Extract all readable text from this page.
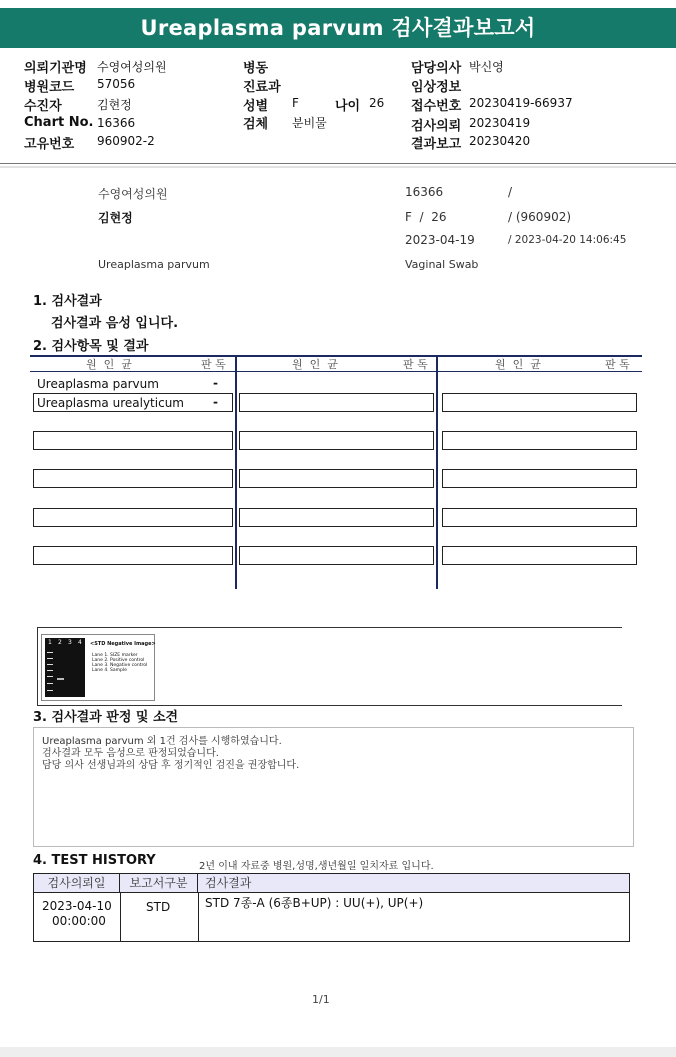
Ureaplasma parvum 검사결과보고서
의뢰기관명 수영여성의원
병원코드 57056
수진자	김현정
Chart No. 16366
고유번호 960902-2
병동
진료과
성별 F	나이 26
검체 분비물
담당의사 박신영
임상정보
접수번호 20230419-66937
검사의뢰 20230419
결과보고 20230420
수영여성의원	16366	/
김현정	F  /  26	/ (960902)
2023-04-19	/ 2023-04-20 14:06:45
Ureaplasma parvum	Vaginal Swab
1. 검사결과
검사결과 음성 입니다.
2. 검사항목 및 결과
원  인  균	판 독	원  인  균	판 독	원  인  균	판 독
Ureaplasma parvum	-
Ureaplasma urealyticum -
1 2 3 4 <STD Negative Image>
Lane 1. SIZE marker
Lane 2. Positive control
Lane 3. Negative control
Lane 4. Sample
3. 검사결과 판정 및 소견
Ureaplasma parvum 외 1건 검사를 시행하였습니다.
검사결과 모두 음성으로 판정되었습니다.
담당 의사 선생님과의 상담 후 정기적인 검진을 권장합니다.
4. TEST HISTORY	2년 이내 자료중 병원,성명,생년월일 일치자료 입니다.
검사의뢰일	보고서구분	검사결과
2023-04-10
00:00:00
STD	STD 7종-A (6종B+UP) : UU(+), UP(+)
1/1
